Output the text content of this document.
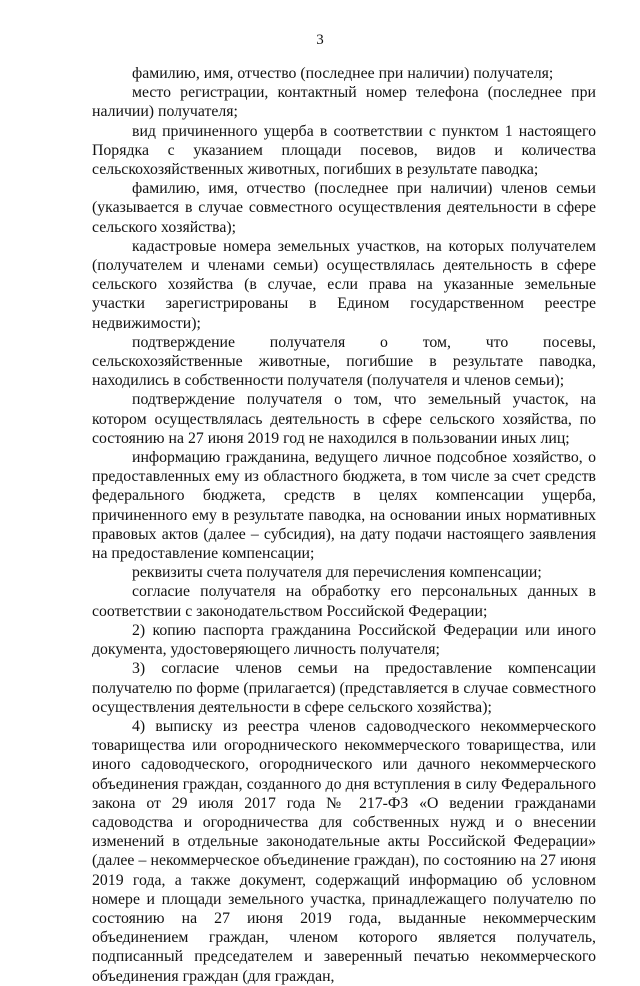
3

фамилию, имя, отчество (последнее при наличии) получателя;

место регистрации, контактный номер телефона (последнее при наличии) получателя;

вид причиненного ущерба в соответствии с пунктом 1 настоящего Порядка с указанием площади посевов, видов и количества сельскохозяйственных животных, погибших в результате паводка;

фамилию, имя, отчество (последнее при наличии) членов семьи (указывается в случае совместного осуществления деятельности в сфере сельского хозяйства);

кадастровые номера земельных участков, на которых получателем (получателем и членами семьи) осуществлялась деятельность в сфере сельского хозяйства (в случае, если права на указанные земельные участки зарегистрированы в Едином государственном реестре недвижимости);

подтверждение получателя о том, что посевы, сельскохозяйственные животные, погибшие в результате паводка, находились в собственности получателя (получателя и членов семьи);

подтверждение получателя о том, что земельный участок, на котором осуществлялась деятельность в сфере сельского хозяйства, по состоянию на 27 июня 2019 год не находился в пользовании иных лиц;

информацию гражданина, ведущего личное подсобное хозяйство, о предоставленных ему из областного бюджета, в том числе за счет средств федерального бюджета, средств в целях компенсации ущерба, причиненного ему в результате паводка, на основании иных нормативных правовых актов (далее – субсидия), на дату подачи настоящего заявления на предоставление компенсации;

реквизиты счета получателя для перечисления компенсации;

согласие получателя на обработку его персональных данных в соответствии с законодательством Российской Федерации;

2) копию паспорта гражданина Российской Федерации или иного документа, удостоверяющего личность получателя;

3) согласие членов семьи на предоставление компенсации получателю по форме (прилагается) (представляется в случае совместного осуществления деятельности в сфере сельского хозяйства);

4) выписку из реестра членов садоводческого некоммерческого товарищества или огороднического некоммерческого товарищества, или иного садоводческого, огороднического или дачного некоммерческого объединения граждан, созданного до дня вступления в силу Федерального закона от 29 июля 2017 года № 217-ФЗ «О ведении гражданами садоводства и огородничества для собственных нужд и о внесении изменений в отдельные законодательные акты Российской Федерации» (далее – некоммерческое объединение граждан), по состоянию на 27 июня 2019 года, а также документ, содержащий информацию об условном номере и площади земельного участка, принадлежащего получателю по состоянию на 27 июня 2019 года, выданные некоммерческим объединением граждан, членом которого является получатель, подписанный председателем и заверенный печатью некоммерческого объединения граждан (для граждан,
